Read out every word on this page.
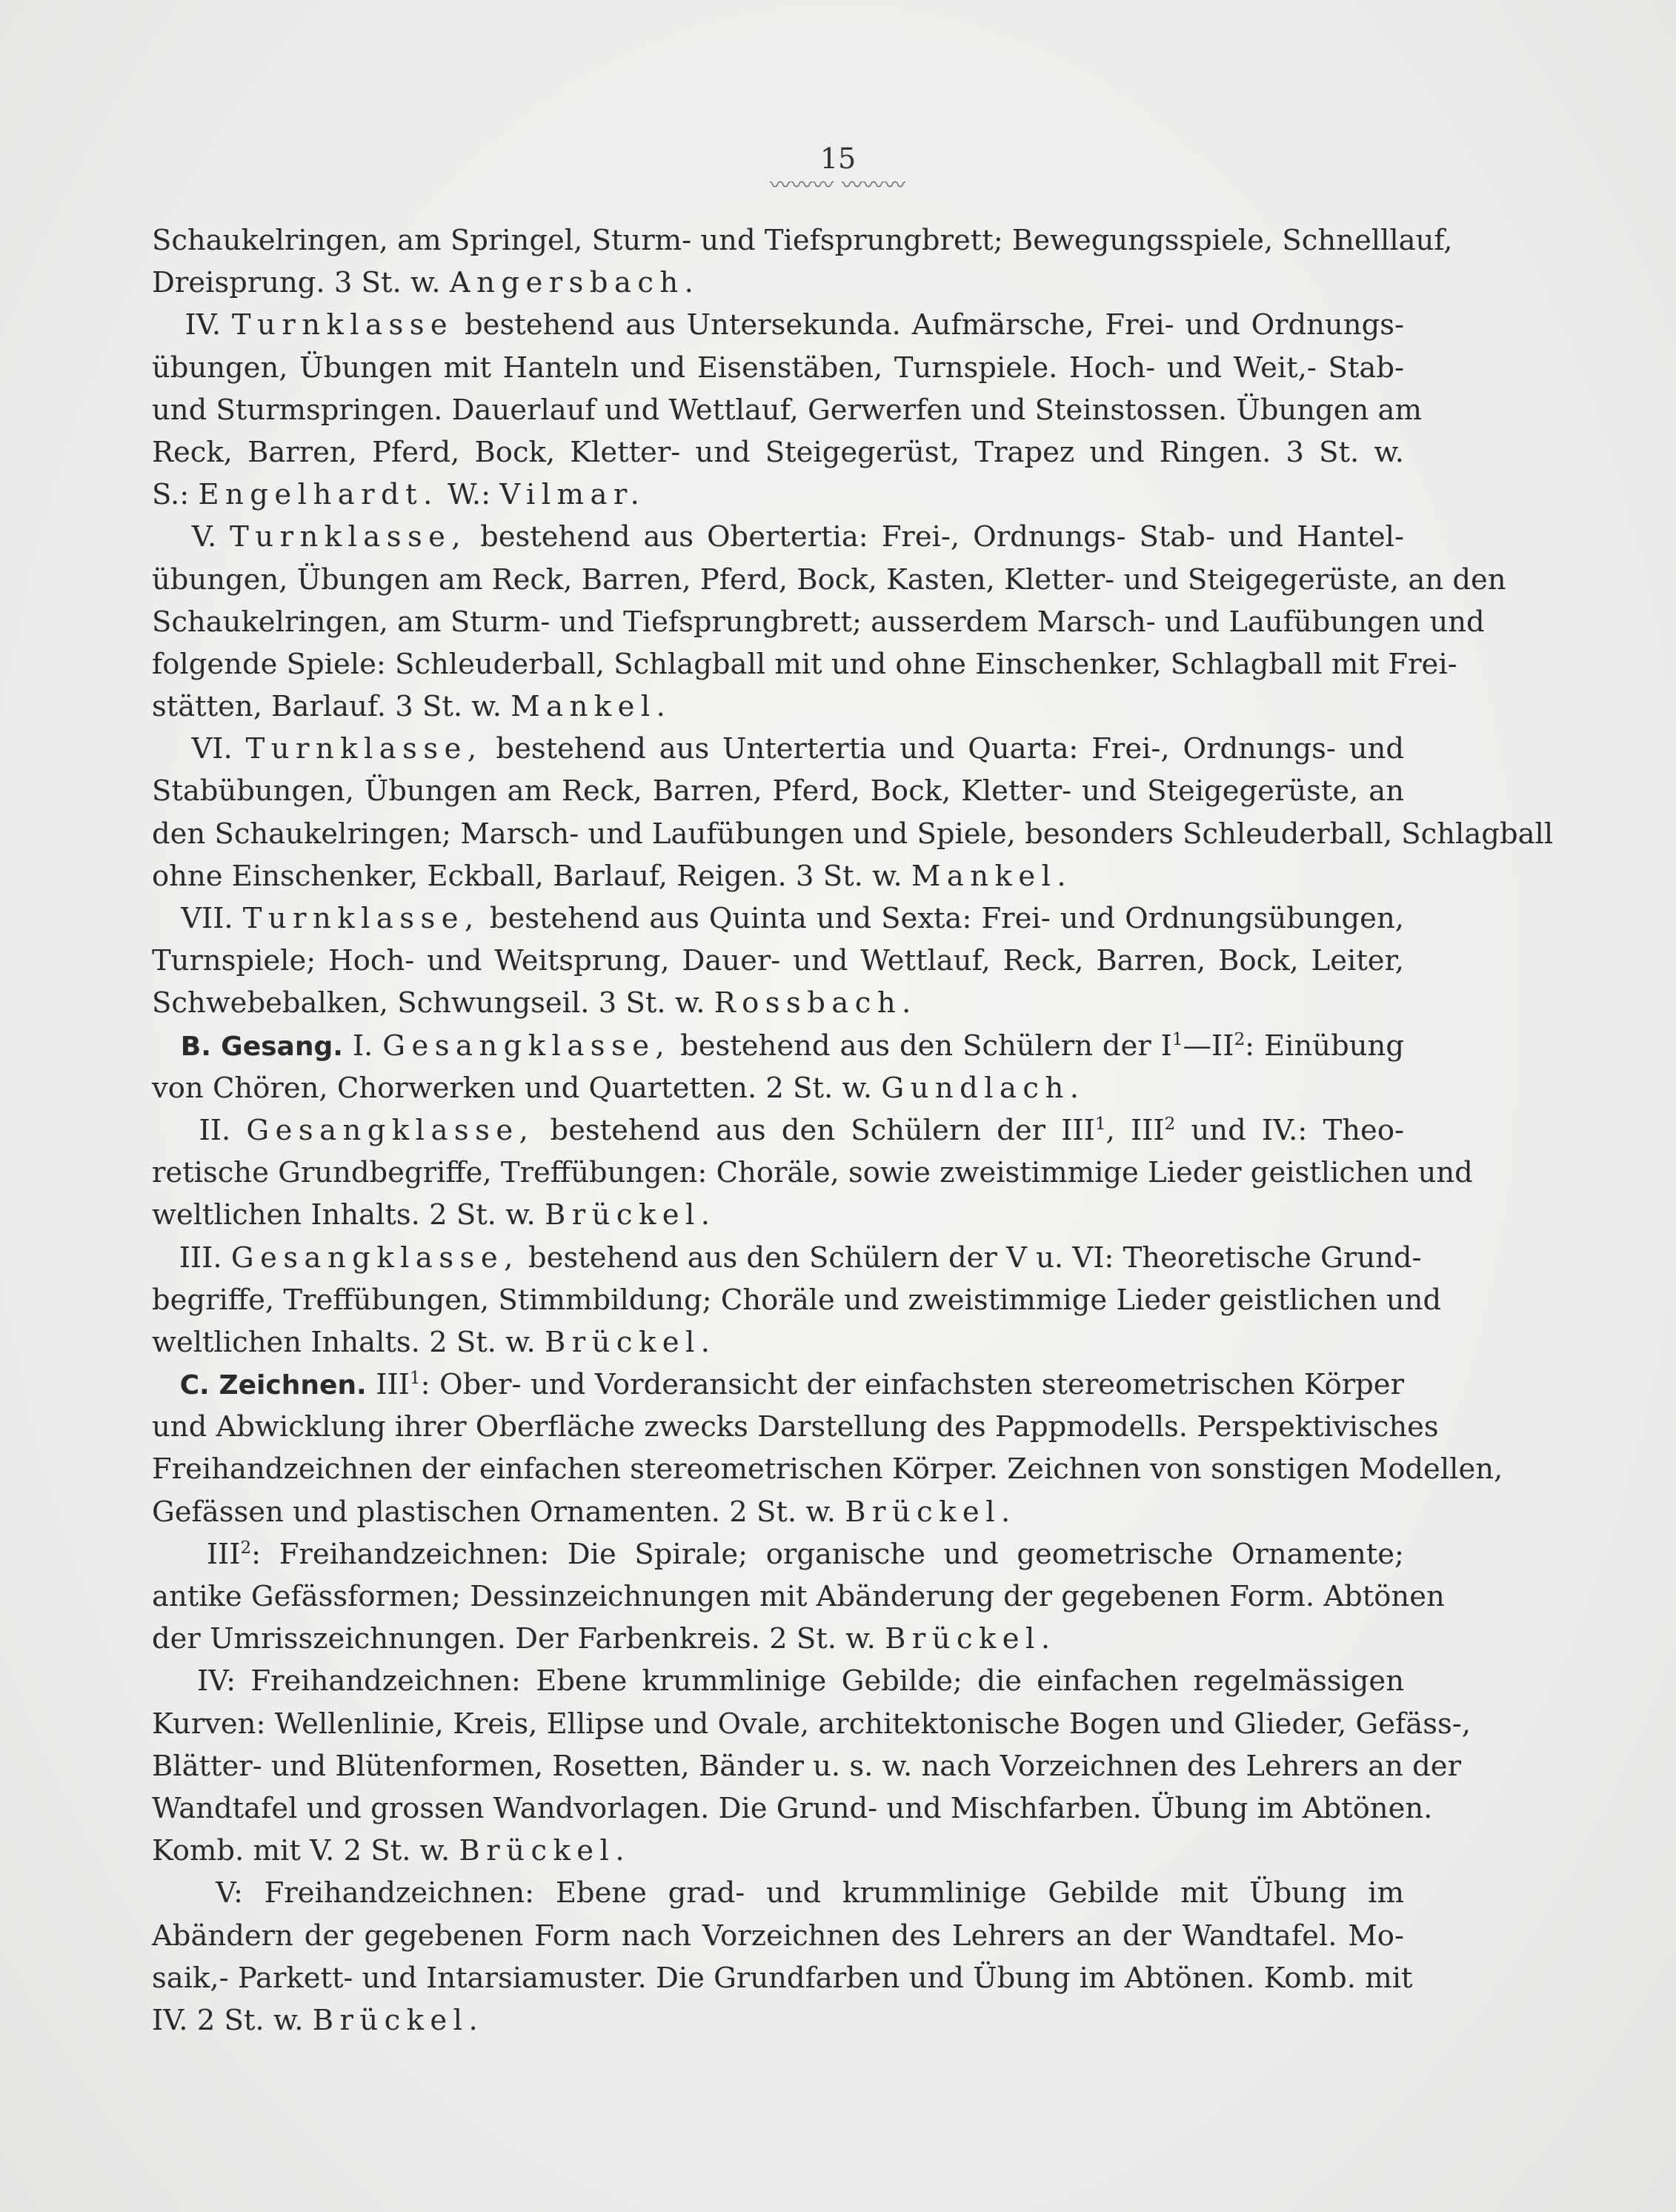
15
〰〰〰 〰〰〰
Schaukelringen, am Springel, Sturm- und Tiefsprungbrett; Bewegungsspiele, Schnelllauf,
Dreisprung. 3 St. w. Angersbach.
IV. Turnklasse bestehend aus Untersekunda. Aufmärsche, Frei- und Ordnungs-
übungen, Übungen mit Hanteln und Eisenstäben, Turnspiele. Hoch- und Weit,- Stab-
und Sturmspringen. Dauerlauf und Wettlauf, Gerwerfen und Steinstossen. Übungen am
Reck, Barren, Pferd, Bock, Kletter- und Steigegerüst, Trapez und Ringen. 3 St. w.
S.: Engelhardt. W.: Vilmar.
V. Turnklasse, bestehend aus Obertertia: Frei-, Ordnungs- Stab- und Hantel-
übungen, Übungen am Reck, Barren, Pferd, Bock, Kasten, Kletter- und Steigegerüste, an den
Schaukelringen, am Sturm- und Tiefsprungbrett; ausserdem Marsch- und Laufübungen und
folgende Spiele: Schleuderball, Schlagball mit und ohne Einschenker, Schlagball mit Frei-
stätten, Barlauf. 3 St. w. Mankel.
VI. Turnklasse, bestehend aus Untertertia und Quarta: Frei-, Ordnungs- und
Stabübungen, Übungen am Reck, Barren, Pferd, Bock, Kletter- und Steigegerüste, an
den Schaukelringen; Marsch- und Laufübungen und Spiele, besonders Schleuderball, Schlagball
ohne Einschenker, Eckball, Barlauf, Reigen. 3 St. w. Mankel.
VII. Turnklasse, bestehend aus Quinta und Sexta: Frei- und Ordnungsübungen,
Turnspiele; Hoch- und Weitsprung, Dauer- und Wettlauf, Reck, Barren, Bock, Leiter,
Schwebebalken, Schwungseil. 3 St. w. Rossbach.
B. Gesang. I. Gesangklasse, bestehend aus den Schülern der $I^1—II^2$: Einübung
von Chören, Chorwerken und Quartetten. 2 St. w. Gundlach.
II. Gesangklasse, bestehend aus den Schülern der III$^1$, III$^2$ und IV.: Theo-
retische Grundbegriffe, Treffübungen: Choräle, sowie zweistimmige Lieder geistlichen und
weltlichen Inhalts. 2 St. w. Brückel.
III. Gesangklasse, bestehend aus den Schülern der V u. VI: Theoretische Grund-
begriffe, Treffübungen, Stimmbildung; Choräle und zweistimmige Lieder geistlichen und
weltlichen Inhalts. 2 St. w. Brückel.
C. Zeichnen. III$^1$: Ober- und Vorderansicht der einfachsten stereometrischen Körper
und Abwicklung ihrer Oberfläche zwecks Darstellung des Pappmodells. Perspektivisches
Freihandzeichnen der einfachen stereometrischen Körper. Zeichnen von sonstigen Modellen,
Gefässen und plastischen Ornamenten. 2 St. w. Brückel.
III$^2$: Freihandzeichnen: Die Spirale; organische und geometrische Ornamente;
antike Gefässformen; Dessinzeichnungen mit Abänderung der gegebenen Form. Abtönen
der Umrisszeichnungen. Der Farbenkreis. 2 St. w. Brückel.
IV: Freihandzeichnen: Ebene krummlinige Gebilde; die einfachen regelmässigen
Kurven: Wellenlinie, Kreis, Ellipse und Ovale, architektonische Bogen und Glieder, Gefäss-,
Blätter- und Blütenformen, Rosetten, Bänder u. s. w. nach Vorzeichnen des Lehrers an der
Wandtafel und grossen Wandvorlagen. Die Grund- und Mischfarben. Übung im Abtönen.
Komb. mit V. 2 St. w. Brückel.
V: Freihandzeichnen: Ebene grad- und krummlinige Gebilde mit Übung im
Abändern der gegebenen Form nach Vorzeichnen des Lehrers an der Wandtafel. Mo-
saik,- Parkett- und Intarsiamuster. Die Grundfarben und Übung im Abtönen. Komb. mit
IV. 2 St. w. Brückel.
